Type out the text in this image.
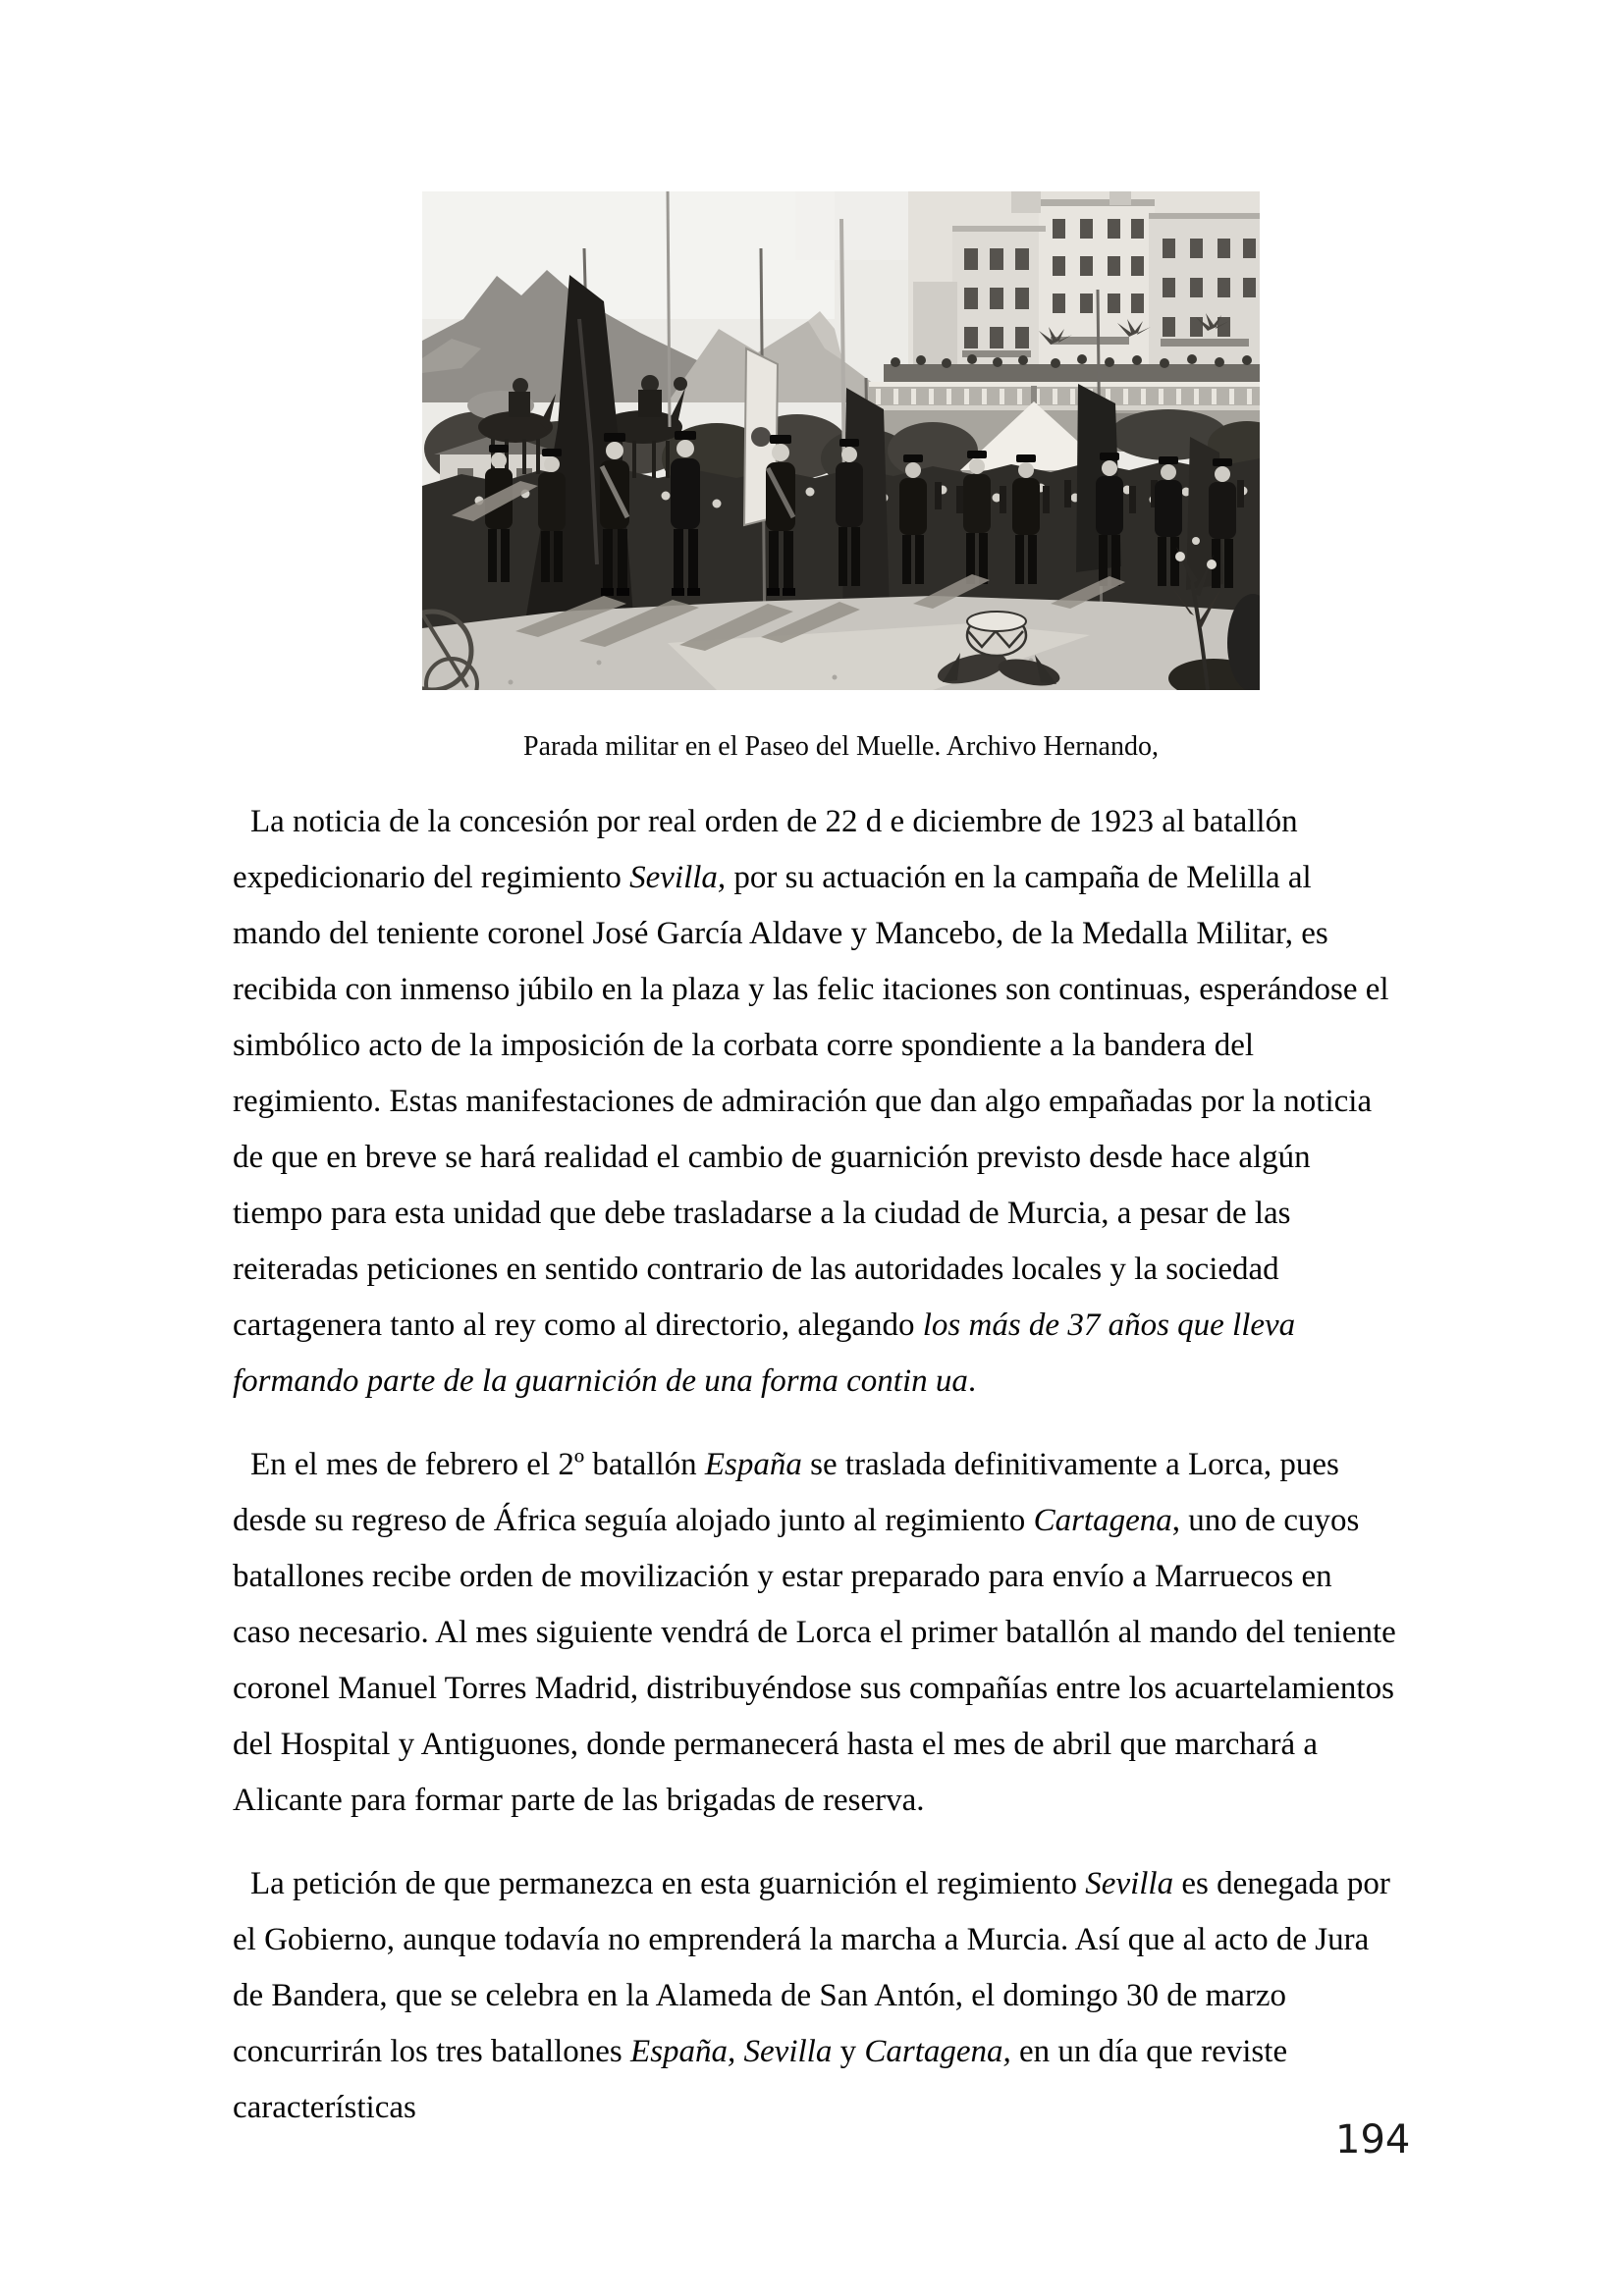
Parada militar en el Paseo del Muelle. Archivo Hernando,

La noticia de la concesión por real orden de 22 d e diciembre de 1923 al batallón expedicionario del regimiento Sevilla, por su actuación en la campaña de Melilla al mando del teniente coronel José García Aldave y Mancebo, de la Medalla Militar, es recibida con inmenso júbilo en la plaza y las felic itaciones son continuas, esperándose el simbólico acto de la imposición de la corbata corre spondiente a la bandera del regimiento. Estas manifestaciones de admiración que dan algo empañadas por la noticia de que en breve se hará realidad el cambio de guarnición previsto desde hace algún tiempo para esta unidad que debe trasladarse a la ciudad de Murcia, a pesar de las reiteradas peticiones en sentido contrario de las autoridades locales y la sociedad cartagenera tanto al rey como al directorio, alegando los más de 37 años que lleva formando parte de la guarnición de una forma contin ua.

En el mes de febrero el 2º batallón España se traslada definitivamente a Lorca, pues desde su regreso de África seguía alojado junto al regimiento Cartagena, uno de cuyos batallones recibe orden de movilización y estar preparado para envío a Marruecos en caso necesario. Al mes siguiente vendrá de Lorca el primer batallón al mando del teniente coronel Manuel Torres Madrid, distribuyéndose sus compañías entre los acuartelamientos del Hospital y Antiguones, donde permanecerá hasta el mes de abril que marchará a Alicante para formar parte de las brigadas de reserva.

La petición de que permanezca en esta guarnición el regimiento Sevilla es denegada por el Gobierno, aunque todavía no emprenderá la marcha a Murcia. Así que al acto de Jura de Bandera, que se celebra en la Alameda de San Antón, el domingo 30 de marzo concurrirán los tres batallones España, Sevilla y Cartagena, en un día que reviste características

194
